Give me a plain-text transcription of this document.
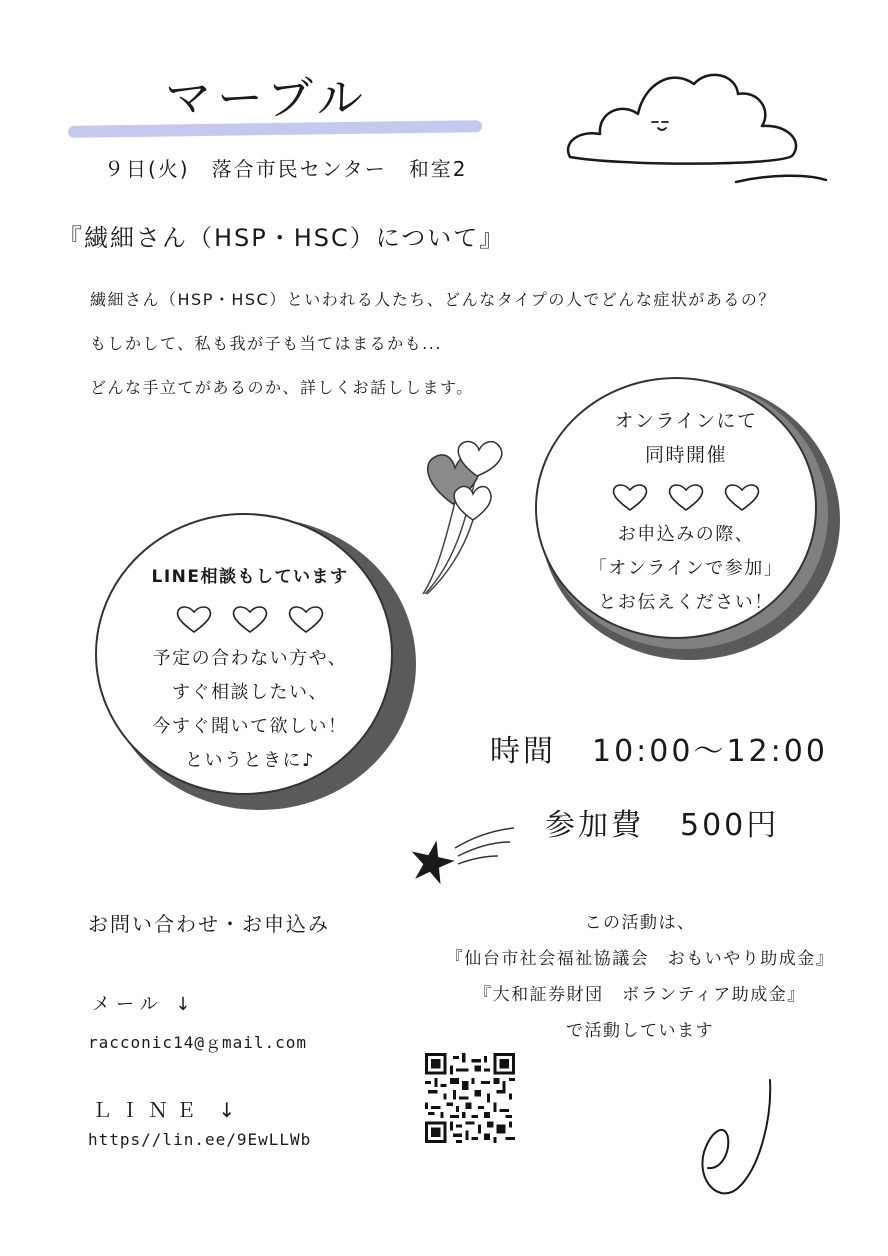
マーブル
９日(火)　落合市民センター　和室2
『繊細さん（HSP・HSC）について』

繊細さん（HSP・HSC）といわれる人たち、どんなタイプの人でどんな症状があるの？

もしかして、私も我が子も当てはまるかも...

どんな手立てがあるのか、詳しくお話しします。

オンラインにて
同時開催
お申込みの際、
「オンラインで参加」
とお伝えください！
LINE相談もしています
予定の合わない方や、
すぐ相談したい、
今すぐ聞いて欲しい！
というときに♪	時間 10:00〜12:00
参加費 500円
お問い合わせ・お申込み
メール ↓
racconic14@ｇmail.com
ＬＩＮＥ ↓
https//lin.ee/9EwLLWb

この活動は、

『仙台市社会福祉協議会　おもいやり助成金』

『大和証券財団　ボランティア助成金』

で活動しています
